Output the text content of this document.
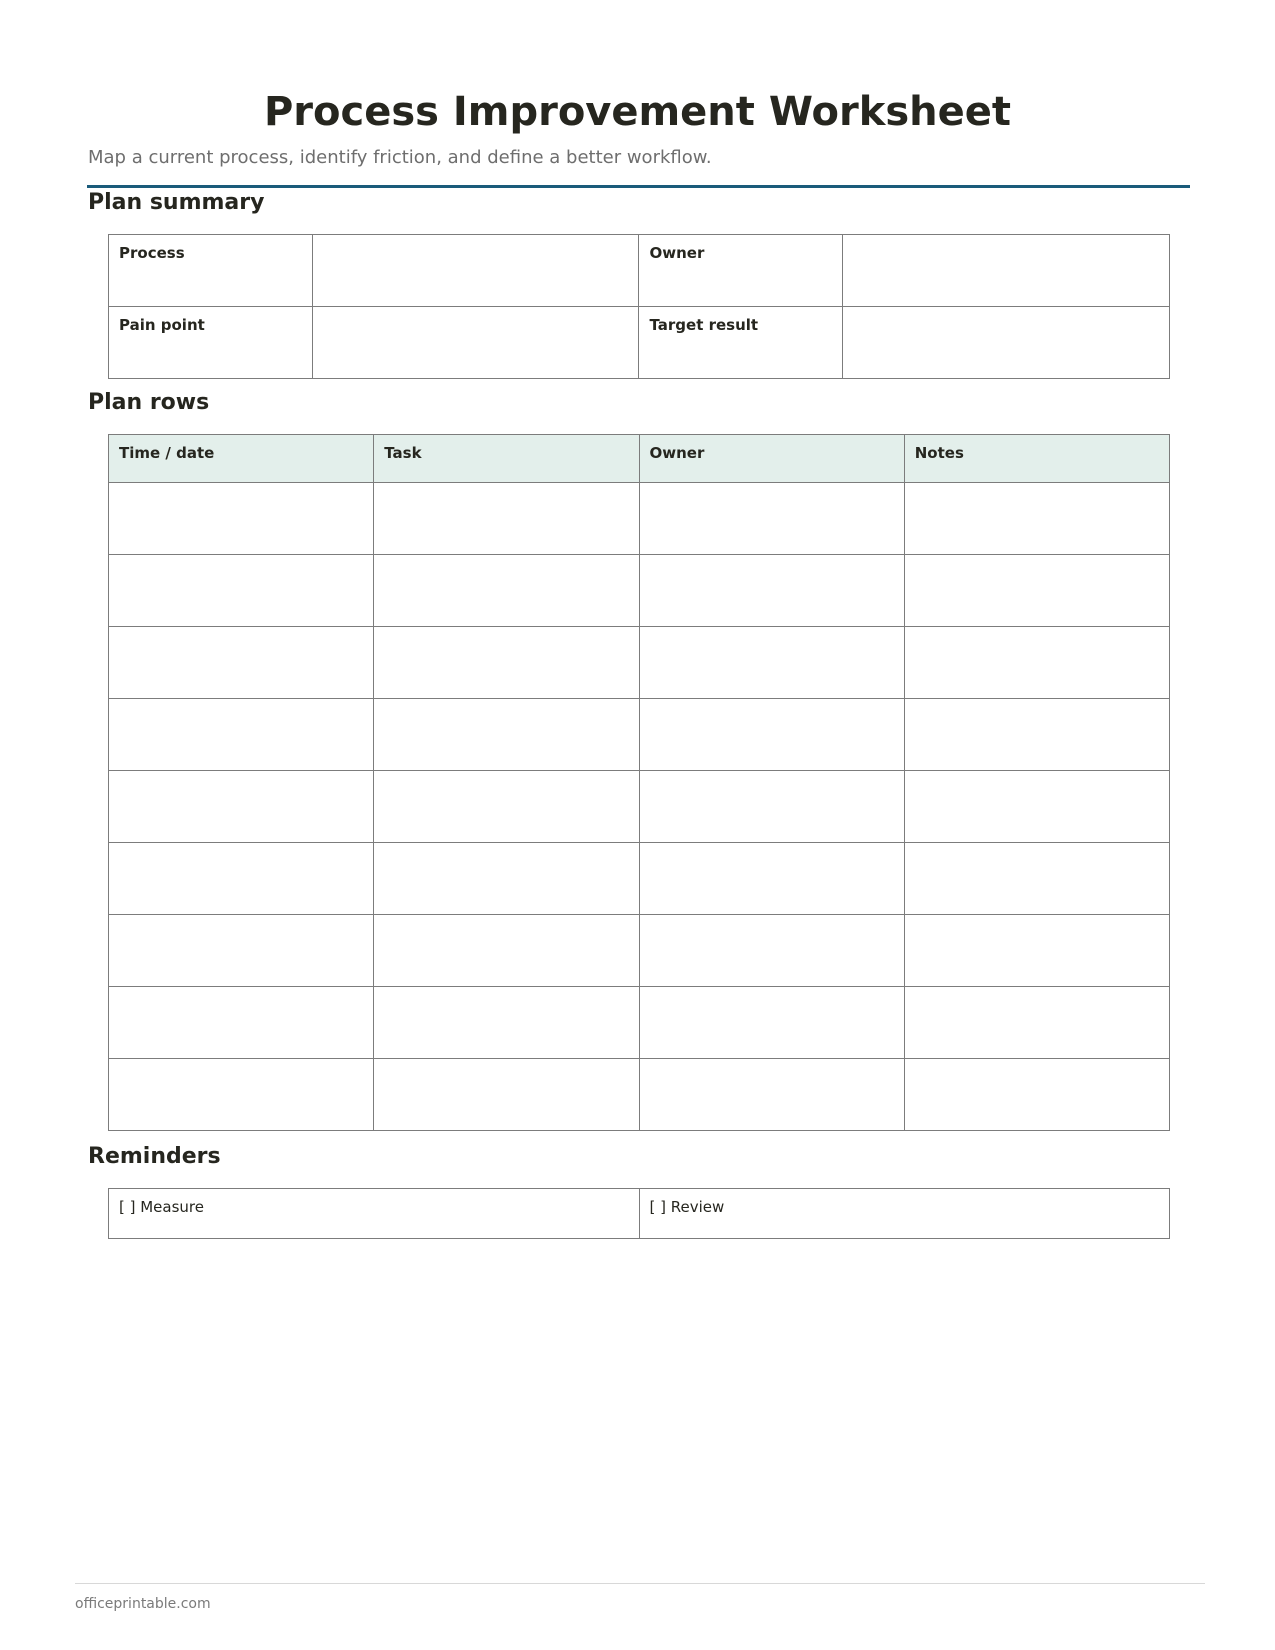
Process Improvement Worksheet

Map a current process, identify friction, and define a better workflow.

Plan summary
Process		Owner	

Pain point		Target result	

Plan rows
Time / date	Task	Owner	Notes

Reminders
[ ] Measure	[ ] Review

officeprintable.com
